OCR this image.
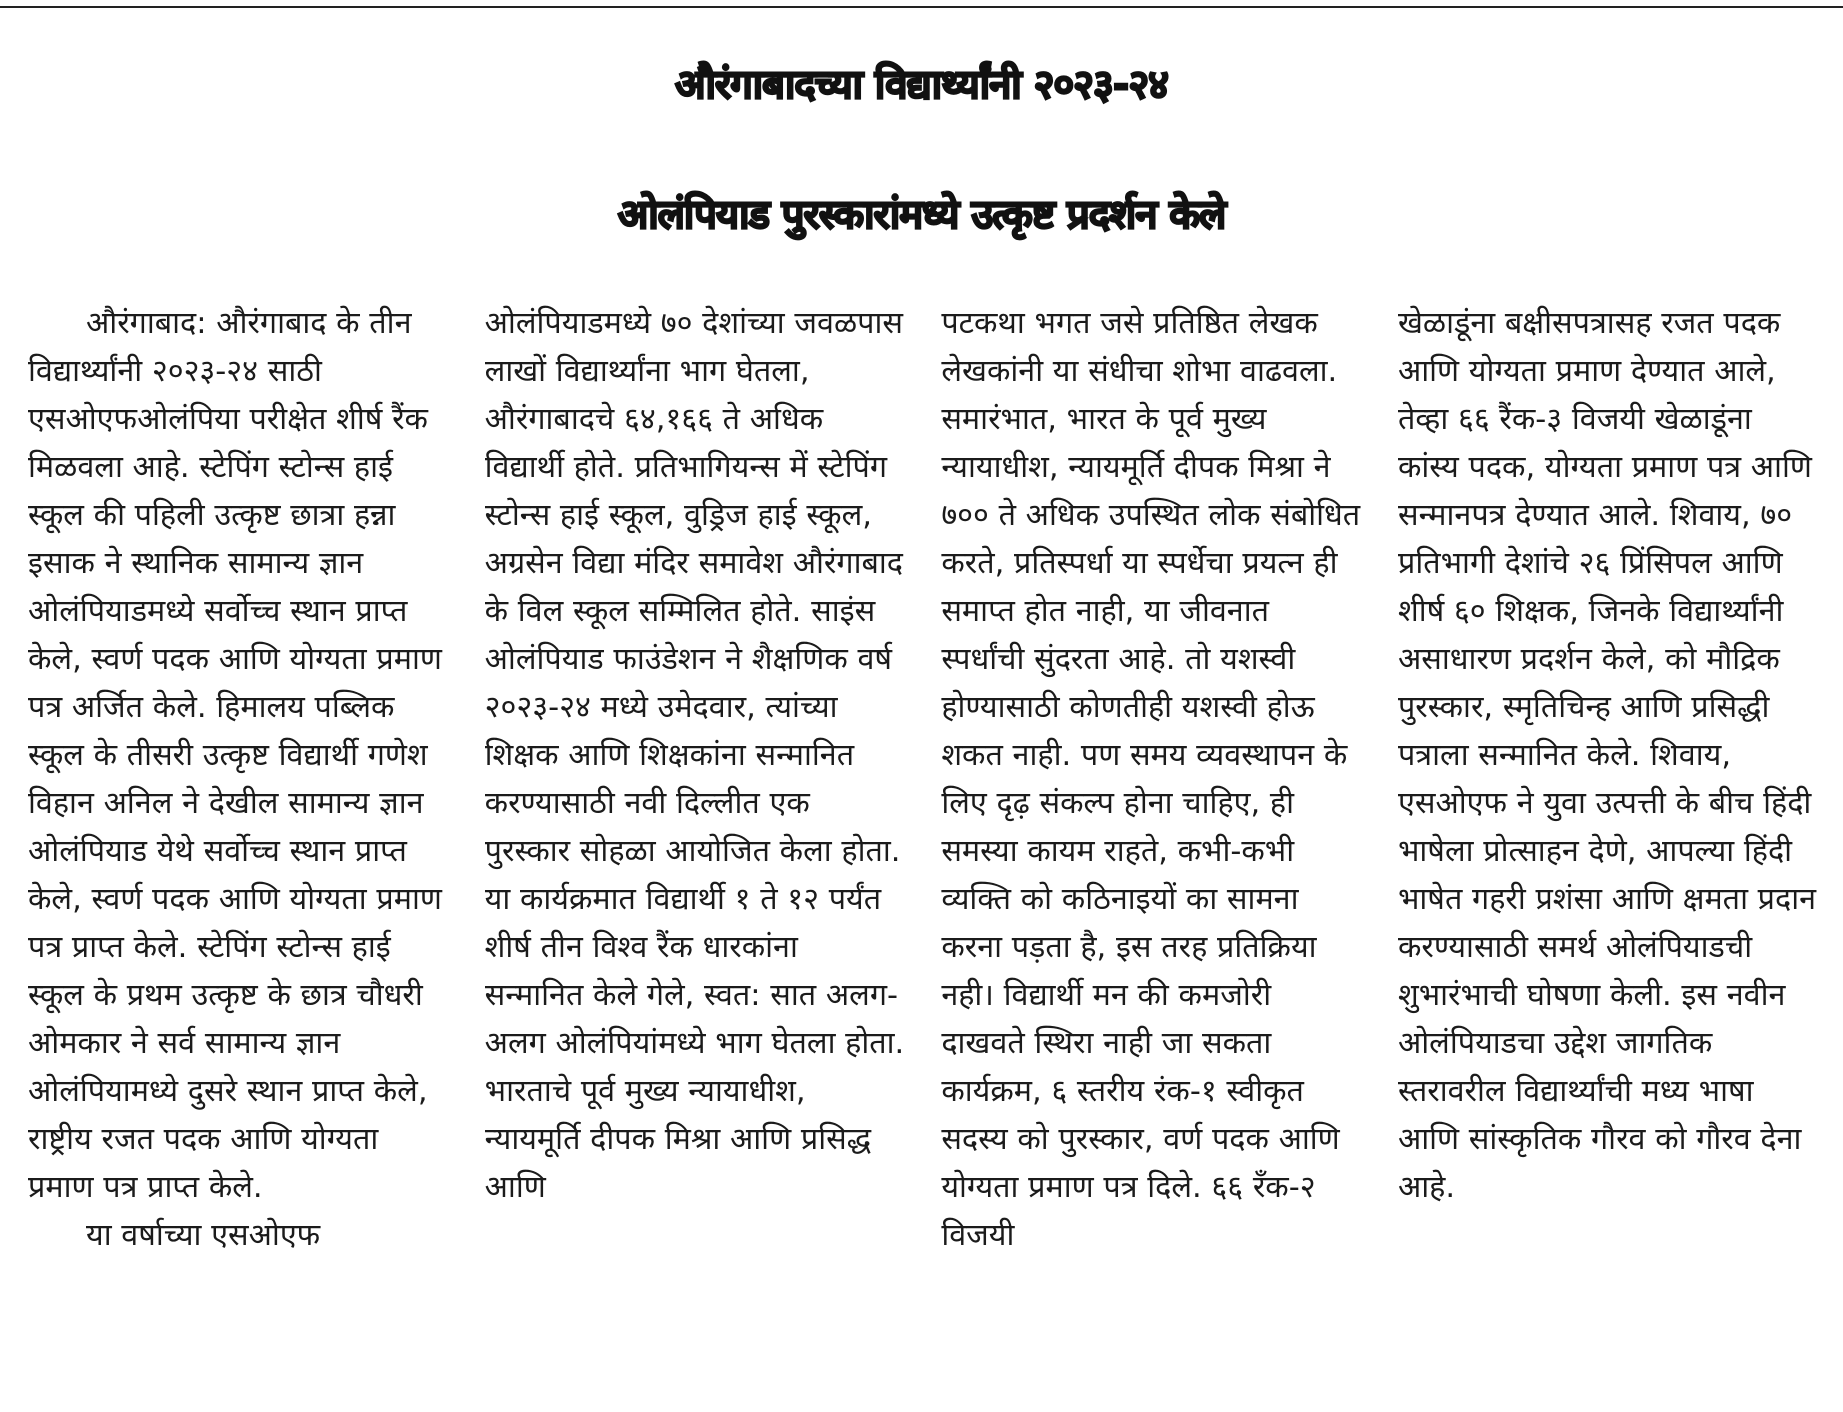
औरंगाबादच्या विद्यार्थ्यांनी २०२३-२४
ओलंपियाड पुरस्कारांमध्ये उत्कृष्ट प्रदर्शन केले

औरंगाबाद: औरंगाबाद के तीन विद्यार्थ्यांनी २०२३-२४ साठी एसओएफओलंपिया परीक्षेत शीर्ष रैंक मिळवला आहे. स्टेपिंग स्टोन्स हाई स्कूल की पहिली उत्कृष्ट छात्रा हन्ना इसाक ने स्थानिक सामान्य ज्ञान ओलंपियाडमध्ये सर्वोच्च स्थान प्राप्त केले, स्वर्ण पदक आणि योग्यता प्रमाण पत्र अर्जित केले. हिमालय पब्लिक स्कूल के तीसरी उत्कृष्ट विद्यार्थी गणेश विहान अनिल ने देखील सामान्य ज्ञान ओलंपियाड येथे सर्वोच्च स्थान प्राप्त केले, स्वर्ण पदक आणि योग्यता प्रमाण पत्र प्राप्त केले. स्टेपिंग स्टोन्स हाई स्कूल के प्रथम उत्कृष्ट के छात्र चौधरी ओमकार ने सर्व सामान्य ज्ञान ओलंपियामध्ये दुसरे स्थान प्राप्त केले, राष्ट्रीय रजत पदक आणि योग्यता प्रमाण पत्र प्राप्त केले.

या वर्षाच्या एसओएफ

ओलंपियाडमध्ये ७० देशांच्या जवळपास लाखों विद्यार्थ्यांना भाग घेतला, औरंगाबादचे ६४,१६६ ते अधिक विद्यार्थी होते. प्रतिभागियन्स में स्टेपिंग स्टोन्स हाई स्कूल, वुड्रिज हाई स्कूल, अग्रसेन विद्या मंदिर समावेश औरंगाबाद के विल स्कूल सम्मिलित होते. साइंस ओलंपियाड फाउंडेशन ने शैक्षणिक वर्ष २०२३-२४ मध्ये उमेदवार, त्यांच्या शिक्षक आणि शिक्षकांना सन्मानित करण्यासाठी नवी दिल्लीत एक पुरस्कार सोहळा आयोजित केला होता. या कार्यक्रमात विद्यार्थी १ ते १२ पर्यंत शीर्ष तीन विश्व रैंक धारकांना सन्मानित केले गेले, स्वत: सात अलग-अलग ओलंपियांमध्ये भाग घेतला होता. भारताचे पूर्व मुख्य न्यायाधीश, न्यायमूर्ति दीपक मिश्रा आणि प्रसिद्ध आणि

पटकथा भगत जसे प्रतिष्ठित लेखक लेखकांनी या संधीचा शोभा वाढवला. समारंभात, भारत के पूर्व मुख्य न्यायाधीश, न्यायमूर्ति दीपक मिश्रा ने ७०० ते अधिक उपस्थित लोक संबोधित करते, प्रतिस्पर्धा या स्पर्धेचा प्रयत्न ही समाप्त होत नाही, या जीवनात स्पर्धांची सुंदरता आहे. तो यशस्वी होण्यासाठी कोणतीही यशस्वी होऊ शकत नाही. पण समय व्यवस्थापन के लिए दृढ़ संकल्प होना चाहिए, ही समस्या कायम राहते, कभी-कभी व्यक्ति को कठिनाइयों का सामना करना पड़ता है, इस तरह प्रतिक्रिया नही। विद्यार्थी मन की कमजोरी दाखवते स्थिरा नाही जा सकता कार्यक्रम, ६ स्तरीय रंक-१ स्वीकृत सदस्य को पुरस्कार, वर्ण पदक आणि योग्यता प्रमाण पत्र दिले. ६६ रँक-२ विजयी

खेळाडूंना बक्षीसपत्रासह रजत पदक आणि योग्यता प्रमाण देण्यात आले, तेव्हा ६६ रैंक-३ विजयी खेळाडूंना कांस्य पदक, योग्यता प्रमाण पत्र आणि सन्मानपत्र देण्यात आले. शिवाय, ७० प्रतिभागी देशांचे २६ प्रिंसिपल आणि शीर्ष ६० शिक्षक, जिनके विद्यार्थ्यांनी असाधारण प्रदर्शन केले, को मौद्रिक पुरस्कार, स्मृतिचिन्ह आणि प्रसिद्धी पत्राला सन्मानित केले. शिवाय, एसओएफ ने युवा उत्पत्ती के बीच हिंदी भाषेला प्रोत्साहन देणे, आपल्या हिंदी भाषेत गहरी प्रशंसा आणि क्षमता प्रदान करण्यासाठी समर्थ ओलंपियाडची शुभारंभाची घोषणा केली. इस नवीन ओलंपियाडचा उद्देश जागतिक स्तरावरील विद्यार्थ्यांची मध्य भाषा आणि सांस्कृतिक गौरव को गौरव देना आहे.
